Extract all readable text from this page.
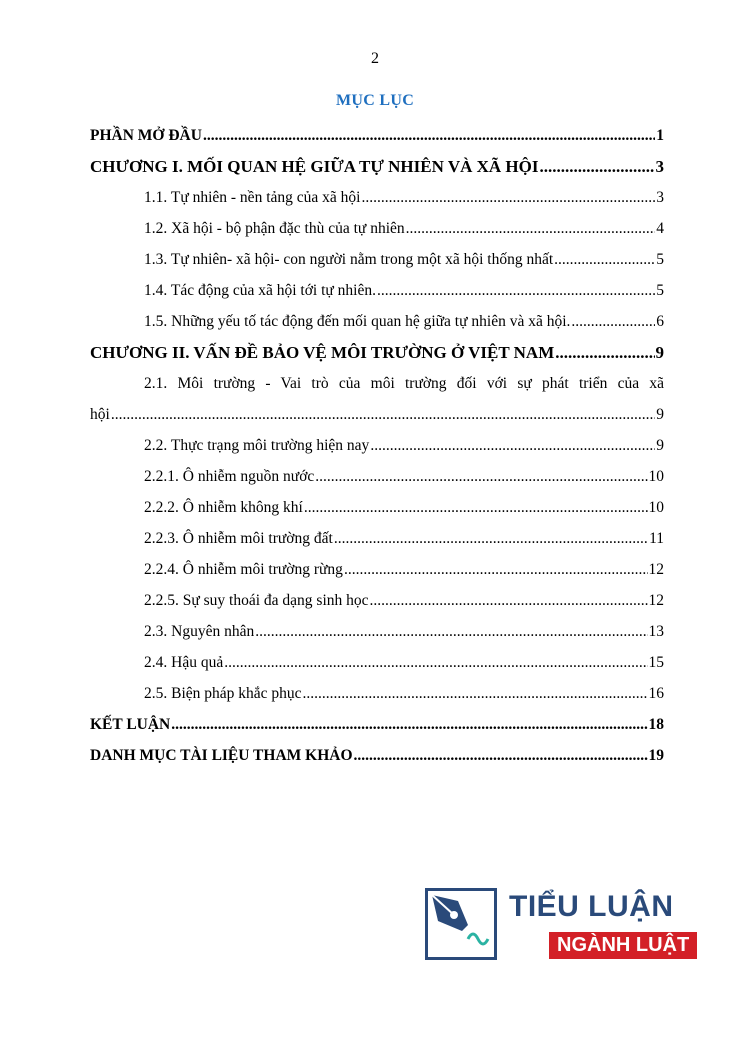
2
MỤC LỤC
PHẦN MỞ ĐẦU .....	1
CHƯƠNG I. MỐI QUAN HỆ GIỮA TỰ NHIÊN VÀ XÃ HỘI .....	3
1.1. Tự nhiên - nền tảng của xã hội .....	3
1.2. Xã hội - bộ phận đặc thù của tự nhiên .....	4
1.3. Tự nhiên- xã hội- con người nằm trong một xã hội thống nhất .....	5
1.4. Tác động của xã hội tới tự nhiên. .....	5
1.5. Những yếu tố tác động đến mối quan hệ giữa tự nhiên và xã hội. .....	6
CHƯƠNG II. VẤN ĐỀ BẢO VỆ MÔI TRƯỜNG Ở VIỆT NAM .....	9
2.1. Môi trường - Vai trò của môi trường đối với sự phát triển của xã
hội .....	9
2.2. Thực trạng môi trường hiện nay .....	9
2.2.1. Ô nhiễm nguồn nước .....	10
2.2.2. Ô nhiễm không khí .....	10
2.2.3. Ô nhiễm môi trường đất .....	11
2.2.4. Ô nhiễm môi trường rừng .....	12
2.2.5. Sự suy thoái đa dạng sinh học .....	12
2.3. Nguyên nhân .....	13
2.4. Hậu quả .....	15
2.5. Biện pháp khắc phục .....	16
KẾT LUẬN .....	18
DANH MỤC TÀI LIỆU THAM KHẢO .....	19
TIỂU LUẬN
NGÀNH LUẬT
